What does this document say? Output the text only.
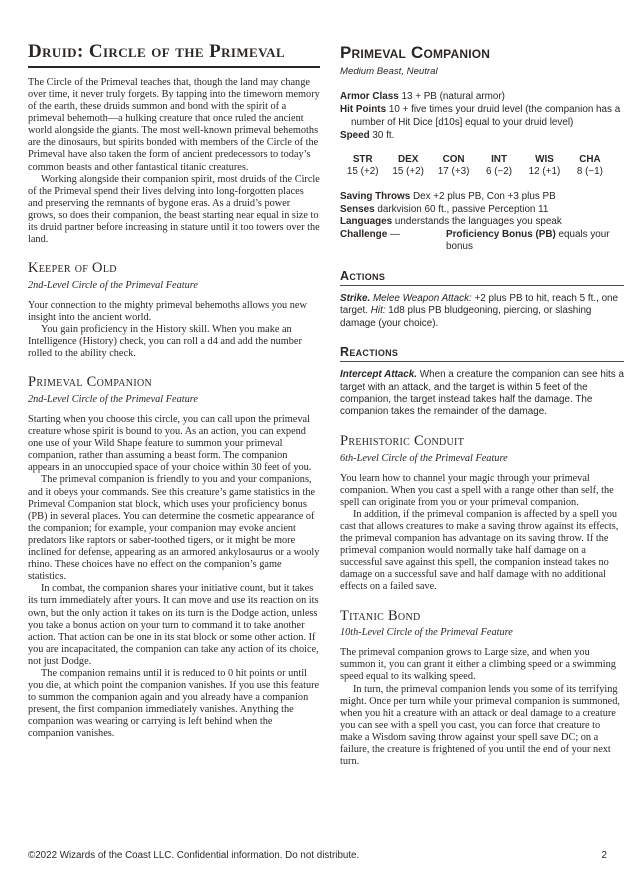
Druid: Circle of the Primeval

The Circle of the Primeval teaches that, though the land may change over time, it never truly forgets. By tapping into the timeworn memory of the earth, these druids summon and bond with the spirit of a primeval behemoth—a hulking creature that once ruled the ancient world alongside the giants. The most well-known primeval behemoths are the dinosaurs, but spirits bonded with members of the Circle of the Primeval have also taken the form of ancient predecessors to today’s common beasts and other fantastical titanic creatures.

Working alongside their companion spirit, most druids of the Circle of the Primeval spend their lives delving into long-forgotten places and preserving the remnants of bygone eras. As a druid’s power grows, so does their companion, the beast starting near equal in size to its druid partner before increasing in stature until it too towers over the land.

Keeper of Old

2nd-Level Circle of the Primeval Feature

Your connection to the mighty primeval behemoths allows you new insight into the ancient world.

You gain proficiency in the History skill. When you make an Intelligence (History) check, you can roll a d4 and add the number rolled to the ability check.

Primeval Companion

2nd-Level Circle of the Primeval Feature

Starting when you choose this circle, you can call upon the primeval creature whose spirit is bound to you. As an action, you can expend one use of your Wild Shape feature to summon your primeval companion, rather than assuming a beast form. The companion appears in an unoccupied space of your choice within 30 feet of you.

The primeval companion is friendly to you and your companions, and it obeys your commands. See this creature’s game statistics in the Primeval Companion stat block, which uses your proficiency bonus (PB) in several places. You can determine the cosmetic appearance of the companion; for example, your companion may evoke ancient predators like raptors or saber-toothed tigers, or it might be more inclined for defense, appearing as an armored ankylosaurus or a wooly rhino. These choices have no effect on the companion’s game statistics.

In combat, the companion shares your initiative count, but it takes its turn immediately after yours. It can move and use its reaction on its own, but the only action it takes on its turn is the Dodge action, unless you take a bonus action on your turn to command it to take another action. That action can be one in its stat block or some other action. If you are incapacitated, the companion can take any action of its choice, not just Dodge.

The companion remains until it is reduced to 0 hit points or until you die, at which point the companion vanishes. If you use this feature to summon the companion again and you already have a companion present, the first companion immediately vanishes. Anything the companion was wearing or carrying is left behind when the companion vanishes.

Primeval Companion
Medium Beast, Neutral

Armor Class 13 + PB (natural armor)

Hit Points 10 + five times your druid level (the companion has a number of Hit Dice [d10s] equal to your druid level)

Speed 30 ft.

STR
15 (+2)
DEX
15 (+2)
CON
17 (+3)
INT
6 (−2)
WIS
12 (+1)
CHA
8 (−1)

Saving Throws Dex +2 plus PB, Con +3 plus PB

Senses darkvision 60 ft., passive Perception 11

Languages understands the languages you speak

Challenge —	Proficiency Bonus (PB) equals your bonus
Actions

Strike. Melee Weapon Attack: +2 plus PB to hit, reach 5 ft., one target. Hit: 1d8 plus PB bludgeoning, piercing, or slashing damage (your choice).

Reactions

Intercept Attack. When a creature the companion can see hits a target with an attack, and the target is within 5 feet of the companion, the target instead takes half the damage. The companion takes the remainder of the damage.

Prehistoric Conduit

6th-Level Circle of the Primeval Feature

You learn how to channel your magic through your primeval companion. When you cast a spell with a range other than self, the spell can originate from you or your primeval companion.

In addition, if the primeval companion is affected by a spell you cast that allows creatures to make a saving throw against its effects, the primeval companion has advantage on its saving throw. If the primeval companion would normally take half damage on a successful save against this spell, the companion instead takes no damage on a successful save and half damage with no additional effects on a failed save.

Titanic Bond

10th-Level Circle of the Primeval Feature

The primeval companion grows to Large size, and when you summon it, you can grant it either a climbing speed or a swimming speed equal to its walking speed.

In turn, the primeval companion lends you some of its terrifying might. Once per turn while your primeval companion is summoned, when you hit a creature with an attack or deal damage to a creature you can see with a spell you cast, you can force that creature to make a Wisdom saving throw against your spell save DC; on a failure, the creature is frightened of you until the end of your next turn.

©2022 Wizards of the Coast LLC. Confidential information. Do not distribute.	2
